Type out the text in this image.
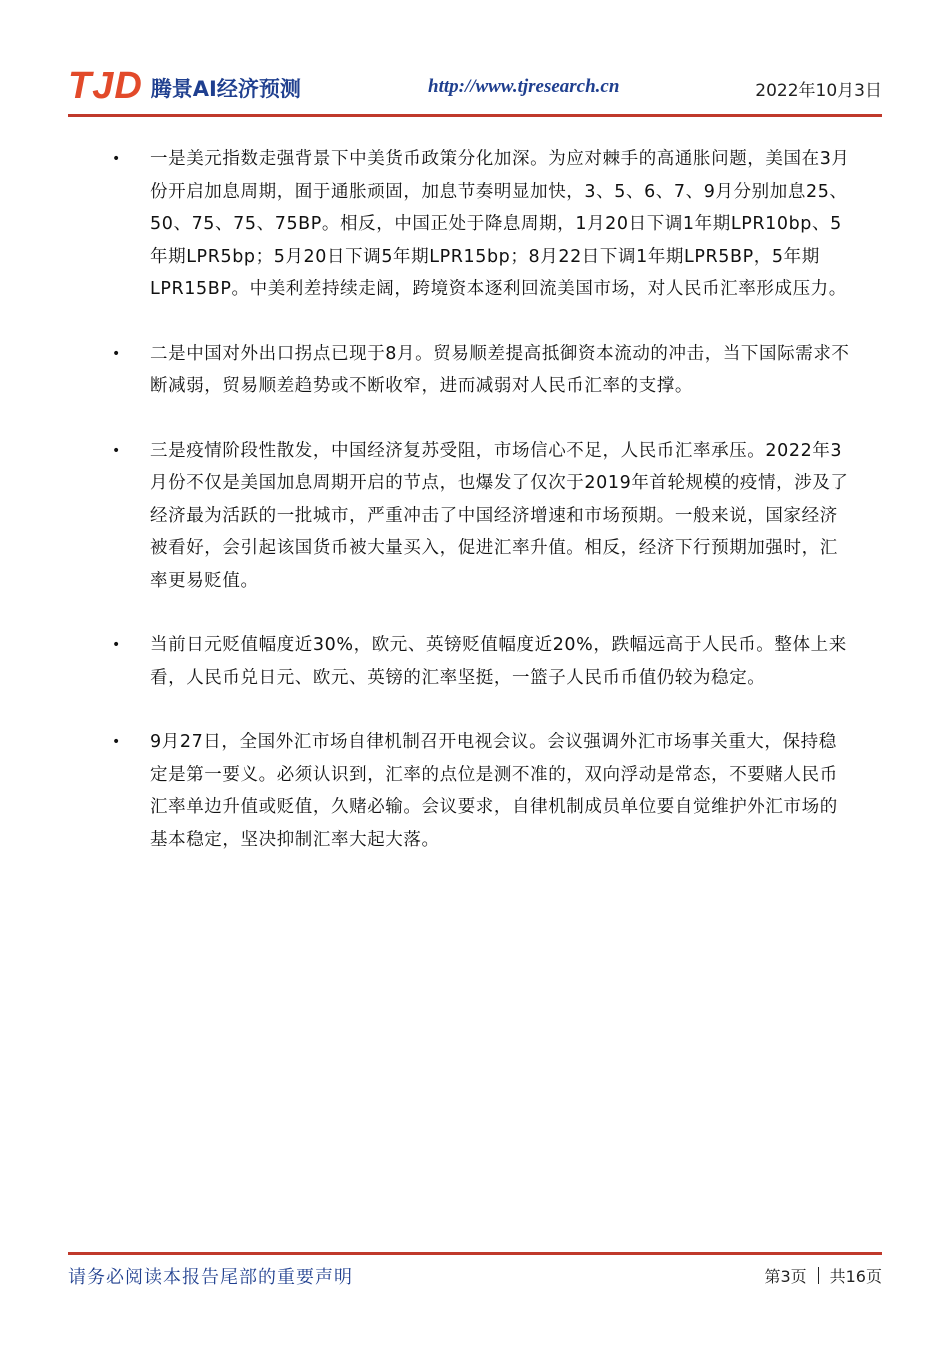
TJD 腾景AI经济预测	http://www.tjresearch.cn	2022年10月3日
•	一是美元指数走强背景下中美货币政策分化加深。为应对棘手的高通胀问题，美国在3月份开启加息周期，囿于通胀顽固，加息节奏明显加快，3、5、6、7、9月分别加息25、50、75、75、75BP。相反，中国正处于降息周期，1月20日下调1年期LPR10bp、5年期LPR5bp；5月20日下调5年期LPR15bp；8月22日下调1年期LPR5BP，5年期LPR15BP。中美利差持续走阔，跨境资本逐利回流美国市场，对人民币汇率形成压力。
•	二是中国对外出口拐点已现于8月。贸易顺差提高抵御资本流动的冲击，当下国际需求不断减弱，贸易顺差趋势或不断收窄，进而减弱对人民币汇率的支撑。
•	三是疫情阶段性散发，中国经济复苏受阻，市场信心不足，人民币汇率承压。2022年3月份不仅是美国加息周期开启的节点，也爆发了仅次于2019年首轮规模的疫情，涉及了经济最为活跃的一批城市，严重冲击了中国经济增速和市场预期。一般来说，国家经济被看好，会引起该国货币被大量买入，促进汇率升值。相反，经济下行预期加强时，汇率更易贬值。
•	当前日元贬值幅度近30%，欧元、英镑贬值幅度近20%，跌幅远高于人民币。整体上来看，人民币兑日元、欧元、英镑的汇率坚挺，一篮子人民币币值仍较为稳定。
•	9月27日，全国外汇市场自律机制召开电视会议。会议强调外汇市场事关重大，保持稳定是第一要义。必须认识到，汇率的点位是测不准的，双向浮动是常态，不要赌人民币汇率单边升值或贬值，久赌必输。会议要求，自律机制成员单位要自觉维护外汇市场的基本稳定，坚决抑制汇率大起大落。
请务必阅读本报告尾部的重要声明	第3页 共16页
